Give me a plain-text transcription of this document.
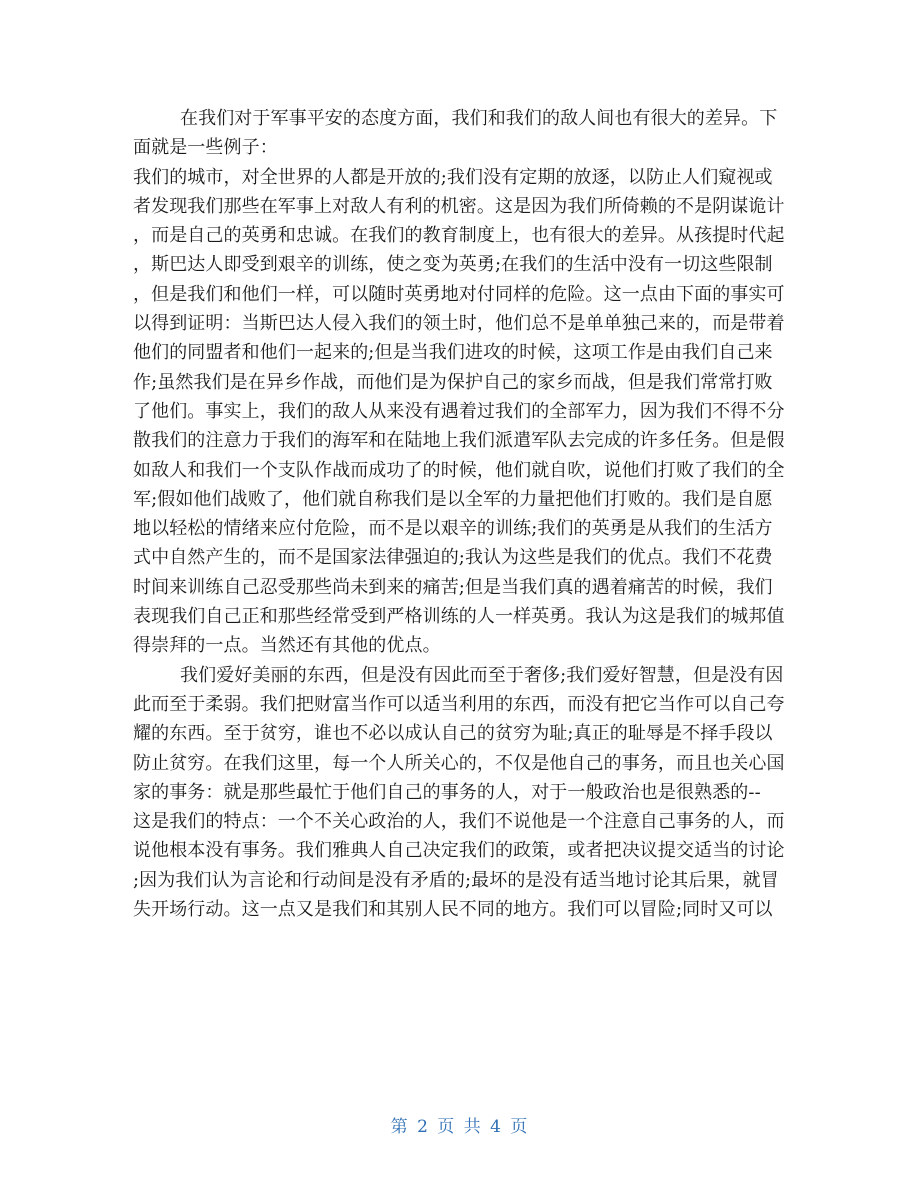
在我们对于军事平安的态度方面，我们和我们的敌人间也有很大的差异。下
面就是一些例子：
我们的城市，对全世界的人都是开放的;我们没有定期的放逐，以防止人们窥视或
者发现我们那些在军事上对敌人有利的机密。这是因为我们所倚赖的不是阴谋诡计
，而是自己的英勇和忠诚。在我们的教育制度上，也有很大的差异。从孩提时代起
，斯巴达人即受到艰辛的训练，使之变为英勇;在我们的生活中没有一切这些限制
，但是我们和他们一样，可以随时英勇地对付同样的危险。这一点由下面的事实可
以得到证明：当斯巴达人侵入我们的领土时，他们总不是单单独己来的，而是带着
他们的同盟者和他们一起来的;但是当我们进攻的时候，这项工作是由我们自己来
作;虽然我们是在异乡作战，而他们是为保护自己的家乡而战，但是我们常常打败
了他们。事实上，我们的敌人从来没有遇着过我们的全部军力，因为我们不得不分
散我们的注意力于我们的海军和在陆地上我们派遣军队去完成的许多任务。但是假
如敌人和我们一个支队作战而成功了的时候，他们就自吹，说他们打败了我们的全
军;假如他们战败了，他们就自称我们是以全军的力量把他们打败的。我们是自愿
地以轻松的情绪来应付危险，而不是以艰辛的训练;我们的英勇是从我们的生活方
式中自然产生的，而不是国家法律强迫的;我认为这些是我们的优点。我们不花费
时间来训练自己忍受那些尚未到来的痛苦;但是当我们真的遇着痛苦的时候，我们
表现我们自己正和那些经常受到严格训练的人一样英勇。我认为这是我们的城邦值
得崇拜的一点。当然还有其他的优点。
我们爱好美丽的东西，但是没有因此而至于奢侈;我们爱好智慧，但是没有因
此而至于柔弱。我们把财富当作可以适当利用的东西，而没有把它当作可以自己夸
耀的东西。至于贫穷，谁也不必以成认自己的贫穷为耻;真正的耻辱是不择手段以
防止贫穷。在我们这里，每一个人所关心的，不仅是他自己的事务，而且也关心国
家的事务：就是那些最忙于他们自己的事务的人，对于一般政治也是很熟悉的--
这是我们的特点：一个不关心政治的人，我们不说他是一个注意自己事务的人，而
说他根本没有事务。我们雅典人自己决定我们的政策，或者把决议提交适当的讨论
;因为我们认为言论和行动间是没有矛盾的;最坏的是没有适当地讨论其后果，就冒
失开场行动。这一点又是我们和其别人民不同的地方。我们可以冒险;同时又可以
第 2 页 共 4 页
